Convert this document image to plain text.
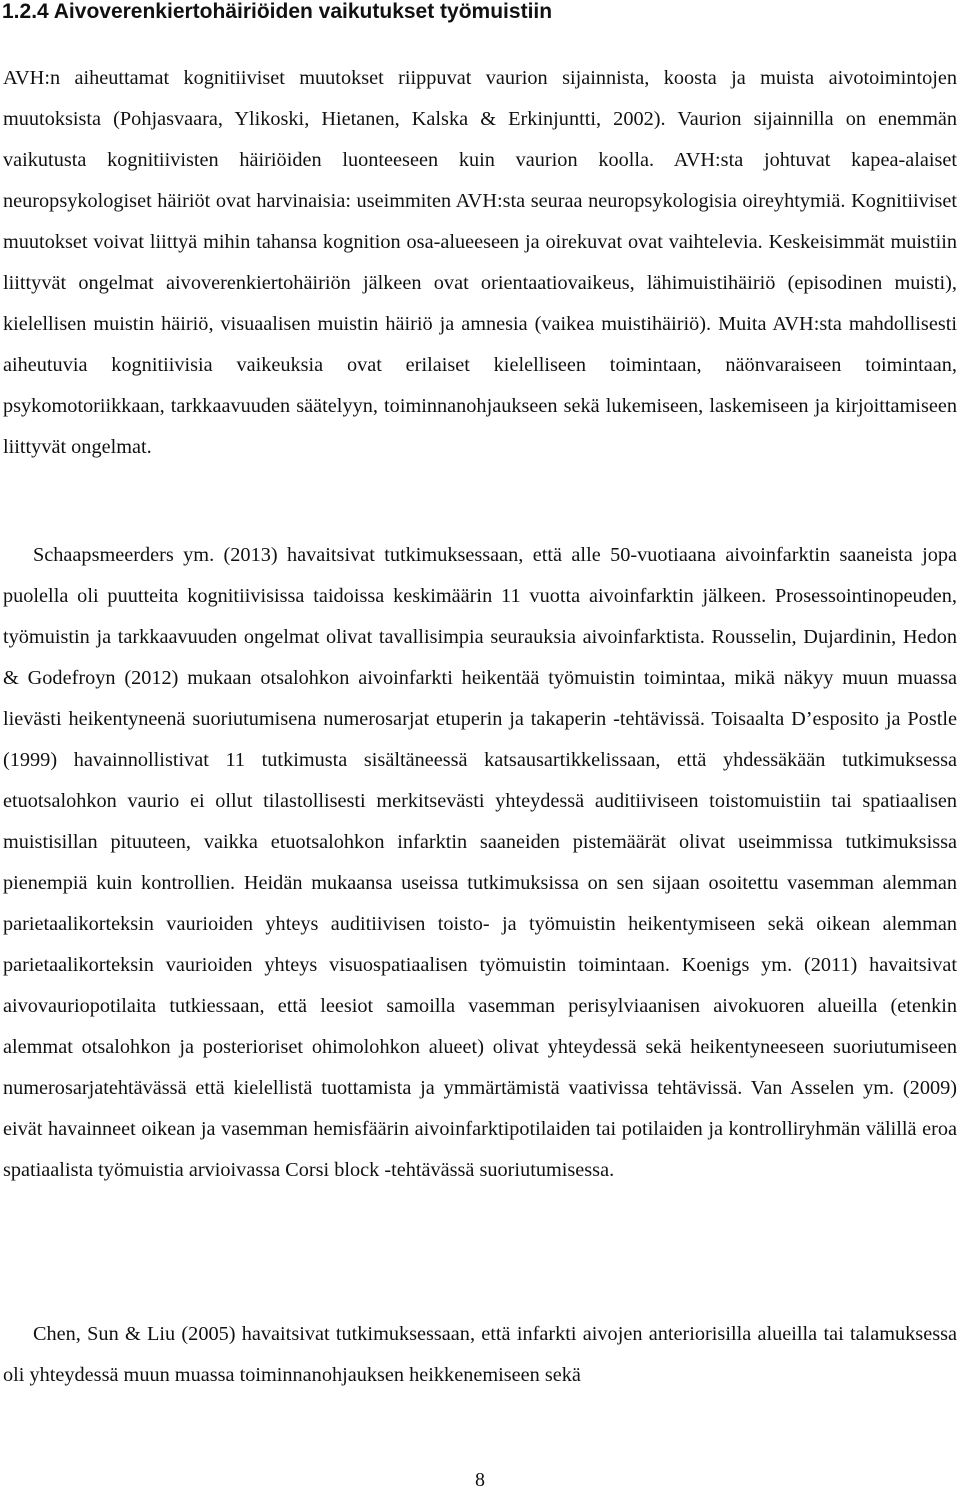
1.2.4 Aivoverenkiertohäiriöiden vaikutukset työmuistiin

AVH:n aiheuttamat kognitiiviset muutokset riippuvat vaurion sijainnista, koosta ja muista aivotoimintojen muutoksista (Pohjasvaara, Ylikoski, Hietanen, Kalska & Erkinjuntti, 2002). Vaurion sijainnilla on enemmän vaikutusta kognitiivisten häiriöiden luonteeseen kuin vaurion koolla. AVH:sta johtuvat kapea-alaiset neuropsykologiset häiriöt ovat harvinaisia: useimmiten AVH:sta seuraa neuropsykologisia oireyhtymiä. Kognitiiviset muutokset voivat liittyä mihin tahansa kognition osa-alueeseen ja oirekuvat ovat vaihtelevia. Keskeisimmät muistiin liittyvät ongelmat aivoverenkiertohäiriön jälkeen ovat orientaatiovaikeus, lähimuistihäiriö (episodinen muisti), kielellisen muistin häiriö, visuaalisen muistin häiriö ja amnesia (vaikea muistihäiriö). Muita AVH:sta mahdollisesti aiheutuvia kognitiivisia vaikeuksia ovat erilaiset kielelliseen toimintaan, näönvaraiseen toimintaan, psykomotoriikkaan, tarkkaavuuden säätelyyn, toiminnanohjaukseen sekä lukemiseen, laskemiseen ja kirjoittamiseen liittyvät ongelmat.

Schaapsmeerders ym. (2013) havaitsivat tutkimuksessaan, että alle 50-vuotiaana aivoinfarktin saaneista jopa puolella oli puutteita kognitiivisissa taidoissa keskimäärin 11 vuotta aivoinfarktin jälkeen. Prosessointinopeuden, työmuistin ja tarkkaavuuden ongelmat olivat tavallisimpia seurauksia aivoinfarktista. Rousselin, Dujardinin, Hedon & Godefroyn (2012) mukaan otsalohkon aivoinfarkti heikentää työmuistin toimintaa, mikä näkyy muun muassa lievästi heikentyneenä suoriutumisena numerosarjat etuperin ja takaperin -tehtävissä. Toisaalta D’esposito ja Postle (1999) havainnollistivat 11 tutkimusta sisältäneessä katsausartikkelissaan, että yhdessäkään tutkimuksessa etuotsalohkon vaurio ei ollut tilastollisesti merkitsevästi yhteydessä auditiiviseen toistomuistiin tai spatiaalisen muistisillan pituuteen, vaikka etuotsalohkon infarktin saaneiden pistemäärät olivat useimmissa tutkimuksissa pienempiä kuin kontrollien. Heidän mukaansa useissa tutkimuksissa on sen sijaan osoitettu vasemman alemman parietaalikorteksin vaurioiden yhteys auditiivisen toisto- ja työmuistin heikentymiseen sekä oikean alemman parietaalikorteksin vaurioiden yhteys visuospatiaalisen työmuistin toimintaan. Koenigs ym. (2011) havaitsivat aivovauriopotilaita tutkiessaan, että leesiot samoilla vasemman perisylviaanisen aivokuoren alueilla (etenkin alemmat otsalohkon ja posterioriset ohimolohkon alueet) olivat yhteydessä sekä heikentyneeseen suoriutumiseen numerosarjatehtävässä että kielellistä tuottamista ja ymmärtämistä vaativissa tehtävissä. Van Asselen ym. (2009) eivät havainneet oikean ja vasemman hemisfäärin aivoinfarktipotilaiden tai potilaiden ja kontrolliryhmän välillä eroa spatiaalista työmuistia arvioivassa Corsi block -tehtävässä suoriutumisessa.

Chen, Sun & Liu (2005) havaitsivat tutkimuksessaan, että infarkti aivojen anteriorisilla alueilla tai talamuksessa oli yhteydessä muun muassa toiminnanohjauksen heikkenemiseen sekä

8
